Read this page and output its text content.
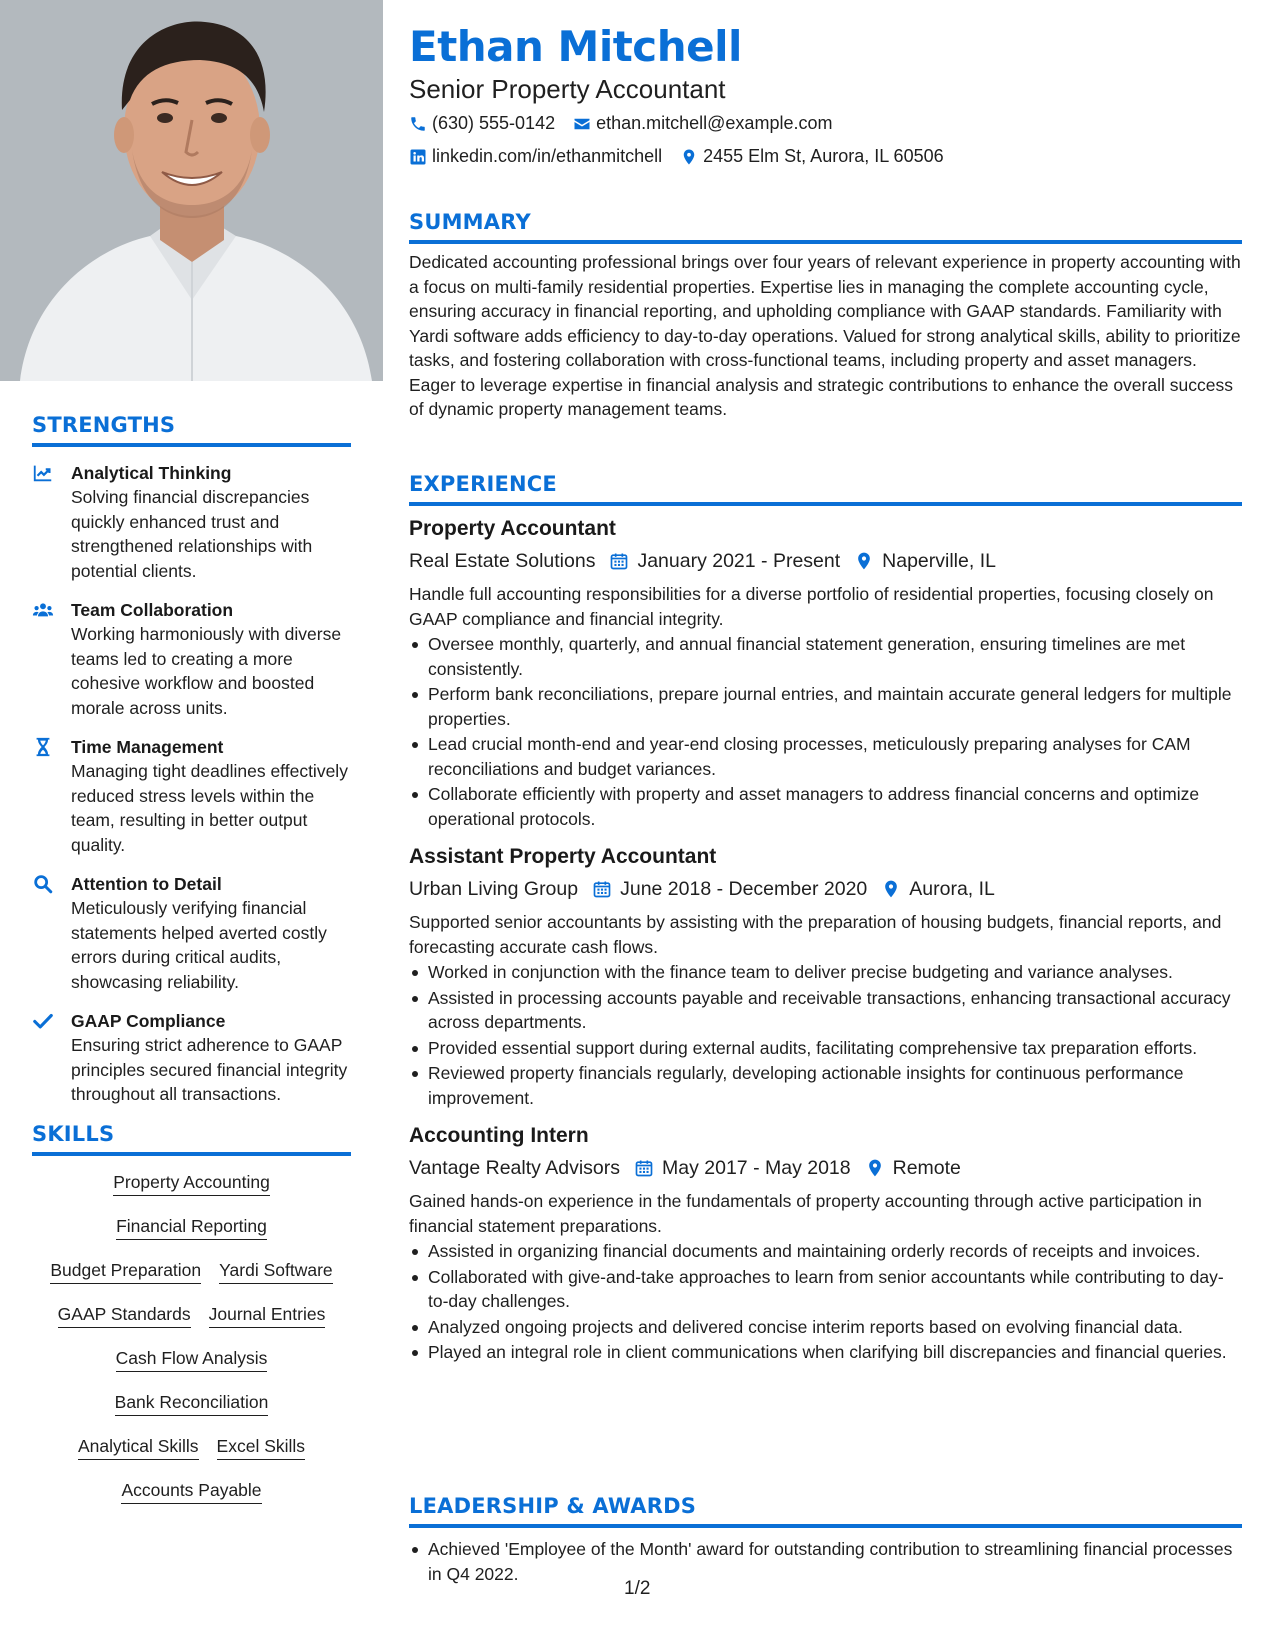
STRENGTHS
Analytical Thinking
Solving financial discrepancies quickly enhanced trust and strengthened relationships with potential clients.
Team Collaboration
Working harmoniously with diverse teams led to creating a more cohesive workflow and boosted morale across units.
Time Management
Managing tight deadlines effectively reduced stress levels within the team, resulting in better output quality.
Attention to Detail
Meticulously verifying financial statements helped averted costly errors during critical audits, showcasing reliability.
GAAP Compliance
Ensuring strict adherence to GAAP principles secured financial integrity throughout all transactions.
SKILLS
Property Accounting
Financial Reporting
Budget Preparation Yardi Software
GAAP Standards Journal Entries
Cash Flow Analysis
Bank Reconciliation
Analytical Skills Excel Skills
Accounts Payable
Ethan Mitchell
Senior Property Accountant
(630) 555-0142 ethan.mitchell@example.com
linkedin.com/in/ethanmitchell 2455 Elm St, Aurora, IL 60506
SUMMARY
Dedicated accounting professional brings over four years of relevant experience in property accounting with a focus on multi-family residential properties. Expertise lies in managing the complete accounting cycle, ensuring accuracy in financial reporting, and upholding compliance with GAAP standards. Familiarity with Yardi software adds efficiency to day-to-day operations. Valued for strong analytical skills, ability to prioritize tasks, and fostering collaboration with cross-functional teams, including property and asset managers. Eager to leverage expertise in financial analysis and strategic contributions to enhance the overall success of dynamic property management teams.
EXPERIENCE
Property Accountant
Real Estate Solutions January 2021 - Present Naperville, IL
Handle full accounting responsibilities for a diverse portfolio of residential properties, focusing closely on GAAP compliance and financial integrity.
Oversee monthly, quarterly, and annual financial statement generation, ensuring timelines are met consistently.
Perform bank reconciliations, prepare journal entries, and maintain accurate general ledgers for multiple properties.
Lead crucial month-end and year-end closing processes, meticulously preparing analyses for CAM reconciliations and budget variances.
Collaborate efficiently with property and asset managers to address financial concerns and optimize operational protocols.
Assistant Property Accountant
Urban Living Group June 2018 - December 2020 Aurora, IL
Supported senior accountants by assisting with the preparation of housing budgets, financial reports, and forecasting accurate cash flows.
Worked in conjunction with the finance team to deliver precise budgeting and variance analyses.
Assisted in processing accounts payable and receivable transactions, enhancing transactional accuracy across departments.
Provided essential support during external audits, facilitating comprehensive tax preparation efforts.
Reviewed property financials regularly, developing actionable insights for continuous performance improvement.
Accounting Intern
Vantage Realty Advisors May 2017 - May 2018 Remote
Gained hands-on experience in the fundamentals of property accounting through active participation in financial statement preparations.
Assisted in organizing financial documents and maintaining orderly records of receipts and invoices.
Collaborated with give-and-take approaches to learn from senior accountants while contributing to day-to-day challenges.
Analyzed ongoing projects and delivered concise interim reports based on evolving financial data.
Played an integral role in client communications when clarifying bill discrepancies and financial queries.
LEADERSHIP & AWARDS
Achieved 'Employee of the Month' award for outstanding contribution to streamlining financial processes in Q4 2022.
1/2
